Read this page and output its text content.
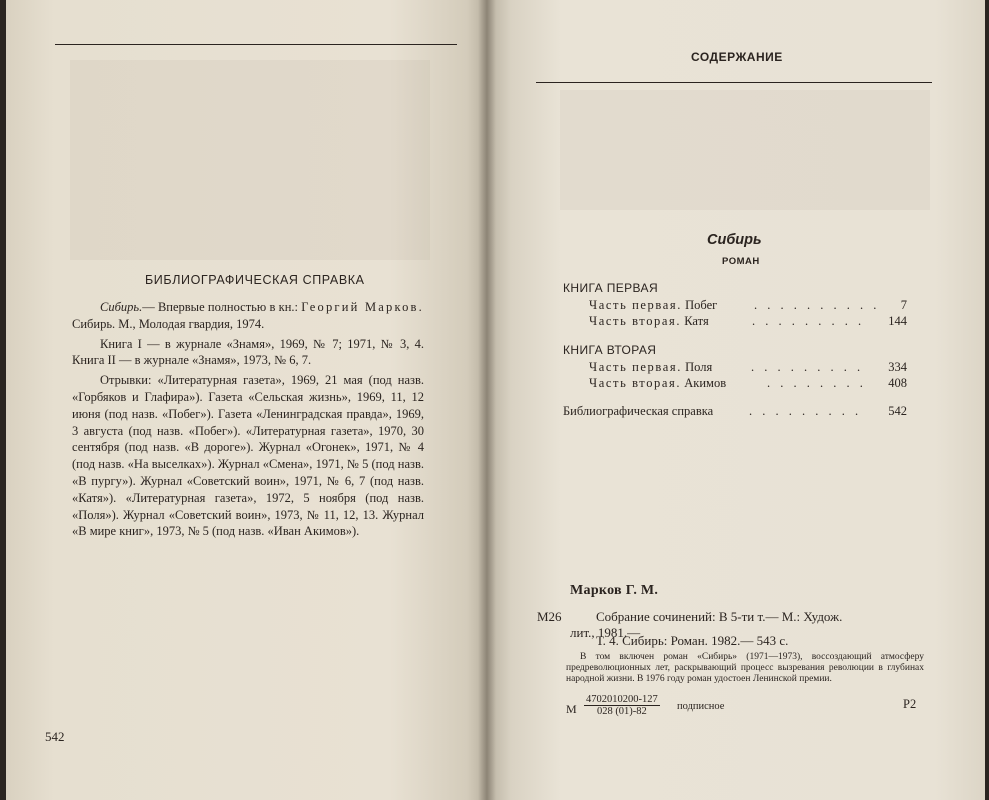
БИБЛИОГРАФИЧЕСКАЯ СПРАВКА

Сибирь.— Впервые полностью в кн.: Георгий Марков. Сибирь. М., Молодая гвардия, 1974.

Книга I — в журнале «Знамя», 1969, № 7; 1971, № 3, 4. Книга II — в журнале «Знамя», 1973, № 6, 7.

Отрывки: «Литературная газета», 1969, 21 мая (под назв. «Горбяков и Глафира»). Газета «Сельская жизнь», 1969, 11, 12 июня (под назв. «Побег»). Газета «Ленинградская правда», 1969, 3 августа (под назв. «Побег»). «Литературная газета», 1970, 30 сентября (под назв. «В дороге»). Журнал «Огонек», 1971, № 4 (под назв. «На выселках»). Журнал «Смена», 1971, № 5 (под назв. «В пургу»). Журнал «Советский воин», 1971, № 6, 7 (под назв. «Катя»). «Литературная газета», 1972, 5 ноября (под назв. «Поля»). Журнал «Советский воин», 1973, № 11, 12, 13. Журнал «В мире книг», 1973, № 5 (под назв. «Иван Акимов»).

542
СОДЕРЖАНИЕ
Сибирь
РОМАН
КНИГА ПЕРВАЯ
Часть первая. Побег	. . . . . . . . . . 7
Часть вторая. Катя	. . . . . . . . . 144
КНИГА ВТОРАЯ
Часть первая. Поля	. . . . . . . . . 334
Часть вторая. Акимов	. . . . . . . . 408
Библиографическая справка	. . . . . . . . . 542
Марков Г. М.
М26	Собрание сочинений: В 5-ти т.— М.: Худож.
лит., 1981.—
Т. 4. Сибирь: Роман. 1982.— 543 с.
В том включен роман «Сибирь» (1971—1973), воссоздающий атмосферу предреволюционных лет, раскрывающий процесс вызревания революции в глубинах народной жизни. В 1976 году роман удостоен Ленинской премии.
М $\frac{4702010200-127}{028 (01)-82}$ подписное	Р2
